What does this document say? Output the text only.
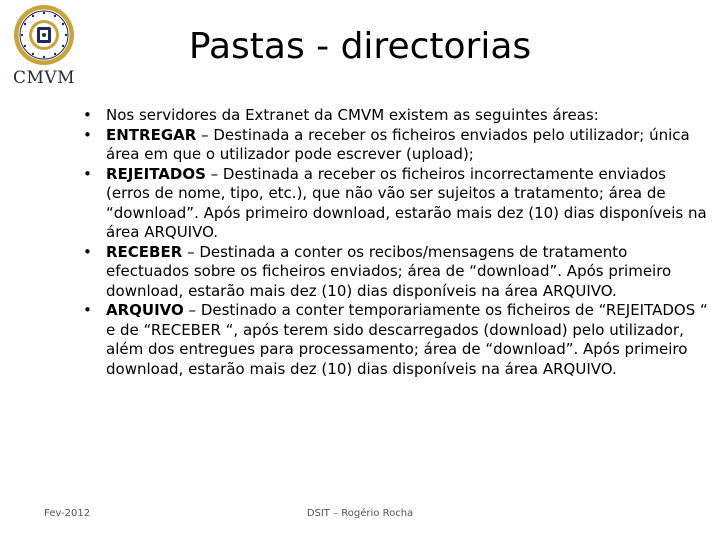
CMVM
Pastas - directorias
• Nos servidores da Extranet da CMVM existem as seguintes áreas:
• ENTREGAR – Destinada a receber os ficheiros enviados pelo utilizador; única área em que o utilizador pode escrever (upload);
• REJEITADOS – Destinada a receber os ficheiros incorrectamente enviados (erros de nome, tipo, etc.), que não vão ser sujeitos a tratamento; área de “download”. Após primeiro download, estarão mais dez (10) dias disponíveis na área ARQUIVO.
• RECEBER – Destinada a conter os recibos/mensagens de tratamento efectuados sobre os ficheiros enviados; área de “download”. Após primeiro download, estarão mais dez (10) dias disponíveis na área ARQUIVO.
• ARQUIVO – Destinado a conter temporariamente os ficheiros de “REJEITADOS “ e de “RECEBER “, após terem sido descarregados (download) pelo utilizador, além dos entregues para processamento; área de “download”. Após primeiro download, estarão mais dez (10) dias disponíveis na área ARQUIVO.
Fev-2012	DSIT – Rogério Rocha
